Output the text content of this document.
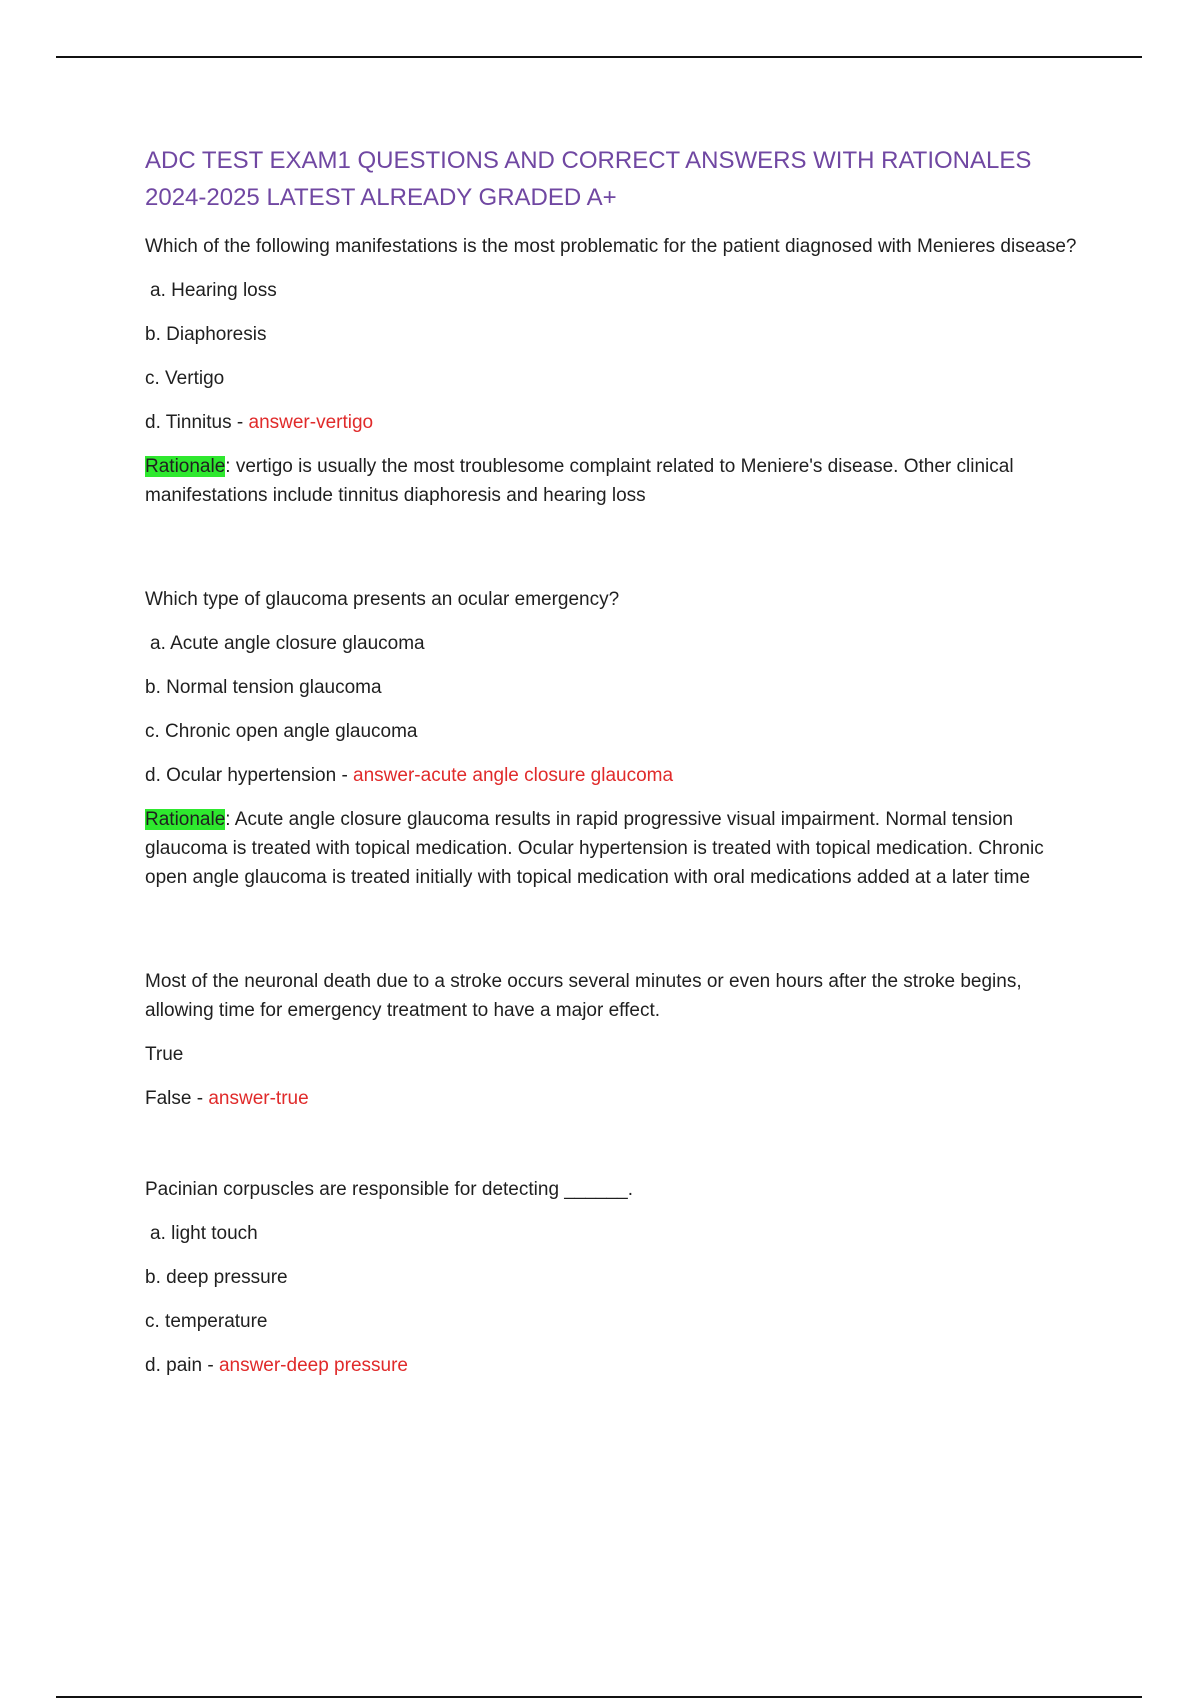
ADC TEST EXAM1 QUESTIONS AND CORRECT ANSWERS WITH RATIONALES 2024-2025 LATEST ALREADY GRADED A+

Which of the following manifestations is the most problematic for the patient diagnosed with Menieres disease?

a. Hearing loss

b. Diaphoresis

c. Vertigo

d. Tinnitus - answer-vertigo

Rationale: vertigo is usually the most troublesome complaint related to Meniere's disease. Other clinical manifestations include tinnitus diaphoresis and hearing loss

Which type of glaucoma presents an ocular emergency?

a. Acute angle closure glaucoma

b. Normal tension glaucoma

c. Chronic open angle glaucoma

d. Ocular hypertension - answer-acute angle closure glaucoma

Rationale: Acute angle closure glaucoma results in rapid progressive visual impairment. Normal tension glaucoma is treated with topical medication. Ocular hypertension is treated with topical medication. Chronic open angle glaucoma is treated initially with topical medication with oral medications added at a later time

Most of the neuronal death due to a stroke occurs several minutes or even hours after the stroke begins, allowing time for emergency treatment to have a major effect.

True

False - answer-true

Pacinian corpuscles are responsible for detecting ______.

a. light touch

b. deep pressure

c. temperature

d. pain - answer-deep pressure
